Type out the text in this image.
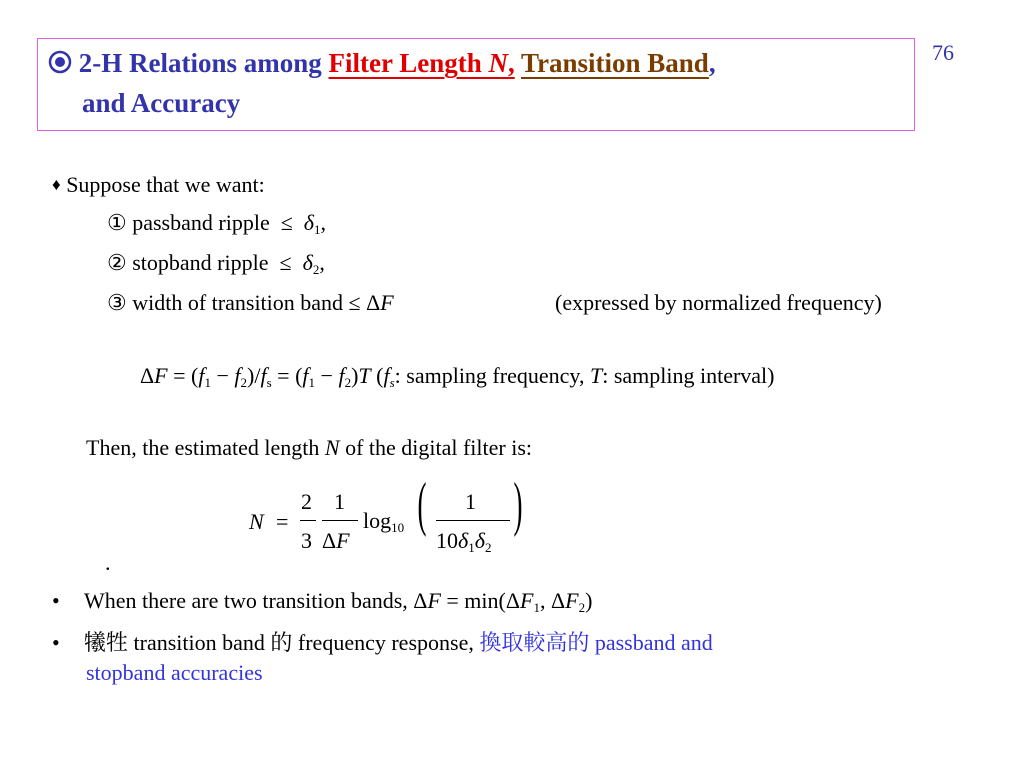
2-H Relations among Filter Length N, Transition Band,
and Accuracy
76
♦ Suppose that we want:
① passband ripple ≤ $\delta_1$,
② stopband ripple ≤ $\delta_2$,
③ width of transition band ≤ ΔF	(expressed by normalized frequency)
$\Delta F = (f_1 - f_2)/f_s = (f_1 - f_2)T$ ($f_s$: sampling frequency, T: sampling interval)
Then, the estimated length N of the digital filter is:
N =
2
3
1
ΔF
$\log_{10}$ ( 1
$10\delta_1\delta_2$
)
.
• When there are two transition bands, $\Delta F = \min(\Delta F_1$, $\Delta F_2$)
• 犧牲 transition band 的 frequency response, 換取較高的 passband and
stopband accuracies
